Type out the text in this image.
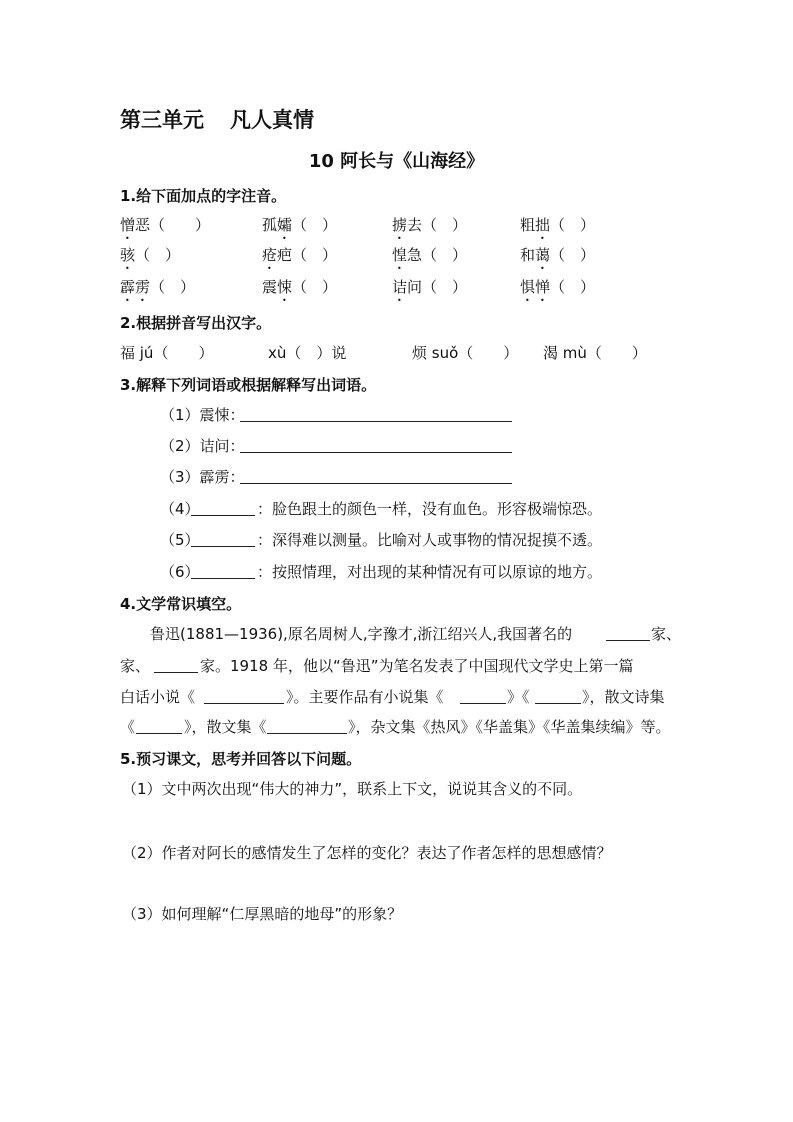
第三单元 凡人真情
10 阿长与《山海经》
1.给下面加点的字注音。
憎恶（　　）	孤孀（　）	掳去（　）	粗拙（　）
骇（　）	疮疤（　）	惶急（　）	和蔼（　）
霹雳（　）	震悚（　）	诘问（　）	惧惮（　）
2.根据拼音写出汉字。
福 jú（　　）	xù（　）说	烦 suǒ（　　） 渴 mù（　　）
3.解释下列词语或根据解释写出词语。
（1）震悚：
（2）诘问：
（3）霹雳：
（4）	：脸色跟土的颜色一样，没有血色。形容极端惊恐。
（5）	：深得难以测量。比喻对人或事物的情况捉摸不透。
（6）	：按照情理，对出现的某种情况有可以原谅的地方。
4.文学常识填空。
鲁迅(1881—1936),原名周树人,字豫才,浙江绍兴人,我国著名的	家、
家、	家。1918 年，他以“鲁迅”为笔名发表了中国现代文学史上第一篇
白话小说《	》。主要作品有小说集《	》《	》，散文诗集
《	》，散文集《	》，杂文集《热风》《华盖集》《华盖集续编》等。
5.预习课文，思考并回答以下问题。
（1）文中两次出现“伟大的神力”，联系上下文，说说其含义的不同。
（2）作者对阿长的感情发生了怎样的变化？表达了作者怎样的思想感情？
（3）如何理解“仁厚黑暗的地母”的形象？
